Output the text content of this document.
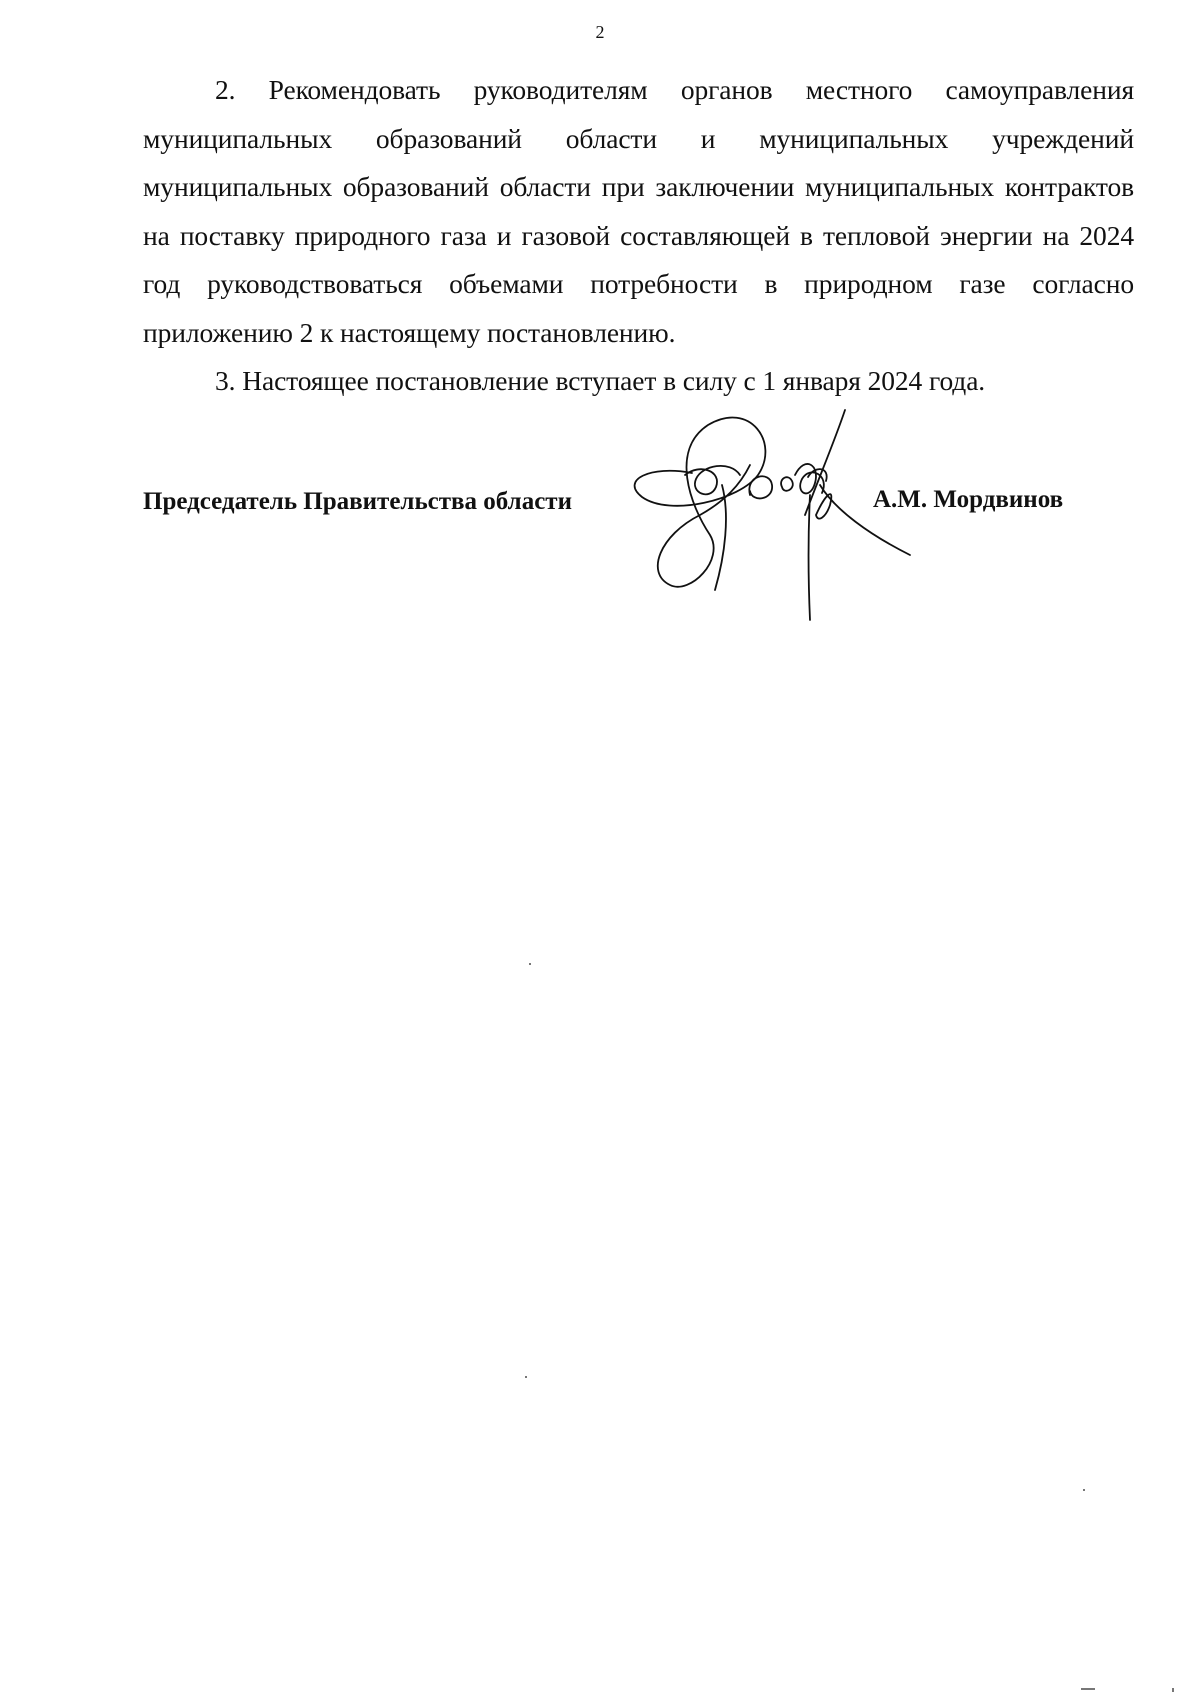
2

2. Рекомендовать руководителям органов местного самоуправления муниципальных образований области и муниципальных учреждений муниципальных образований области при заключении муниципальных контрактов на поставку природного газа и газовой составляющей в тепловой энергии на 2024 год руководствоваться объемами потребности в природном газе согласно приложению 2 к настоящему постановлению.

3. Настоящее постановление вступает в силу с 1 января 2024 года.

Председатель Правительства области	А.М. Мордвинов
